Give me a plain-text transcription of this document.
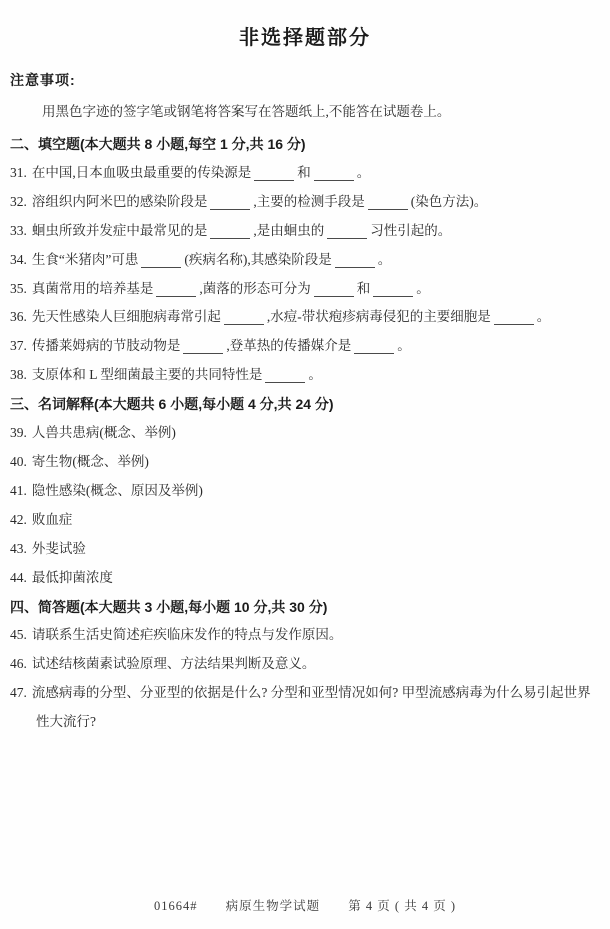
非选择题部分
注意事项:
用黑色字迹的签字笔或钢笔将答案写在答题纸上,不能答在试题卷上。
二、填空题(本大题共 8 小题,每空 1 分,共 16 分)
31. 在中国,日本血吸虫最重要的传染源是	和	。
32. 溶组织内阿米巴的感染阶段是	,主要的检测手段是	(染色方法)。
33. 蛔虫所致并发症中最常见的是	,是由蛔虫的	习性引起的。
34. 生食“米猪肉”可患	(疾病名称),其感染阶段是	。
35. 真菌常用的培养基是	,菌落的形态可分为	和	。
36. 先天性感染人巨细胞病毒常引起	,水痘-带状疱疹病毒侵犯的主要细胞是	。
37. 传播莱姆病的节肢动物是	,登革热的传播媒介是	。
38. 支原体和 L 型细菌最主要的共同特性是	。
三、名词解释(本大题共 6 小题,每小题 4 分,共 24 分)
39. 人兽共患病(概念、举例)
40. 寄生物(概念、举例)
41. 隐性感染(概念、原因及举例)
42. 败血症
43. 外斐试验
44. 最低抑菌浓度
四、简答题(本大题共 3 小题,每小题 10 分,共 30 分)
45. 请联系生活史简述疟疾临床发作的特点与发作原因。
46. 试述结核菌素试验原理、方法结果判断及意义。
47. 流感病毒的分型、分亚型的依据是什么? 分型和亚型情况如何? 甲型流感病毒为什么易引起世界性大流行?
01664# 病原生物学试题 第 4 页 ( 共 4 页 )
